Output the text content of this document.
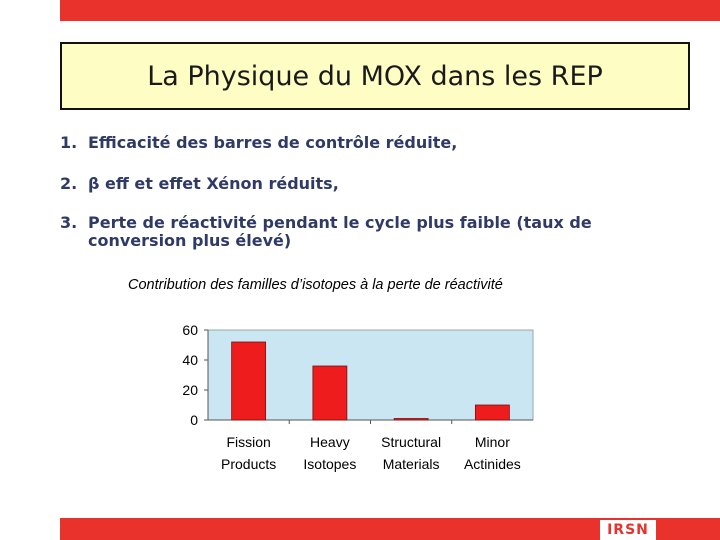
La Physique du MOX dans les REP
1. Efficacité des barres de contrôle réduite,
2. β eff et effet Xénon réduits,
3. Perte de réactivité pendant le cycle plus faible (taux de conversion plus élevé)
Contribution des familles d’isotopes à la perte de réactivité
0
20
40
60
Fission
Products
Heavy
Isotopes
Structural
Materials
Minor
Actinides
IRSN
